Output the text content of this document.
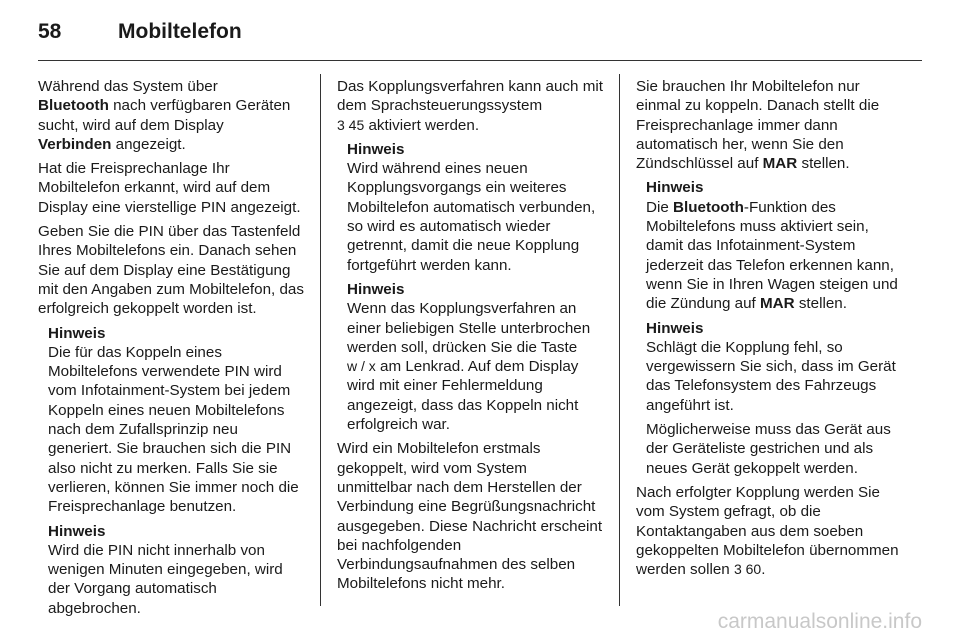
58	Mobiltelefon

Während das System über
Bluetooth nach verfügbaren Geräten sucht, wird auf dem Display
Verbinden angezeigt.

Hat die Freisprechanlage Ihr Mobiltelefon erkannt, wird auf dem Display eine vierstellige PIN angezeigt.

Geben Sie die PIN über das Tastenfeld Ihres Mobiltelefons ein. Danach sehen Sie auf dem Display eine Bestätigung mit den Angaben zum Mobiltelefon, das erfolgreich gekoppelt worden ist.

Hinweis

Die für das Koppeln eines Mobiltelefons verwendete PIN wird vom Infotainment-System bei jedem Koppeln eines neuen Mobiltelefons nach dem Zufallsprinzip neu generiert. Sie brauchen sich die PIN also nicht zu merken. Falls Sie sie verlieren, können Sie immer noch die Freisprechanlage benutzen.

Hinweis

Wird die PIN nicht innerhalb von wenigen Minuten eingegeben, wird der Vorgang automatisch abgebrochen.

Das Kopplungsverfahren kann auch mit dem Sprachsteuerungssystem
3 45 aktiviert werden.

Hinweis

Wird während eines neuen Kopplungsvorgangs ein weiteres Mobiltelefon automatisch verbunden, so wird es automatisch wieder getrennt, damit die neue Kopplung fortgeführt werden kann.

Hinweis

Wenn das Kopplungsverfahren an einer beliebigen Stelle unterbrochen werden soll, drücken Sie die Taste
w / x am Lenkrad. Auf dem Display wird mit einer Fehlermeldung angezeigt, dass das Koppeln nicht erfolgreich war.

Wird ein Mobiltelefon erstmals gekoppelt, wird vom System unmittelbar nach dem Herstellen der Verbindung eine Begrüßungsnachricht ausgegeben. Diese Nachricht erscheint bei nachfolgenden Verbindungsaufnahmen des selben Mobiltelefons nicht mehr.

Sie brauchen Ihr Mobiltelefon nur einmal zu koppeln. Danach stellt die Freisprechanlage immer dann automatisch her, wenn Sie den Zündschlüssel auf MAR stellen.

Hinweis

Die Bluetooth-Funktion des Mobiltelefons muss aktiviert sein, damit das Infotainment-System jederzeit das Telefon erkennen kann, wenn Sie in Ihren Wagen steigen und die Zündung auf MAR stellen.

Hinweis

Schlägt die Kopplung fehl, so vergewissern Sie sich, dass im Gerät das Telefonsystem des Fahrzeugs angeführt ist.

Möglicherweise muss das Gerät aus der Geräteliste gestrichen und als neues Gerät gekoppelt werden.

Nach erfolgter Kopplung werden Sie vom System gefragt, ob die Kontaktangaben aus dem soeben gekoppelten Mobiltelefon übernommen werden sollen 3 60.

carmanualsonline.info
